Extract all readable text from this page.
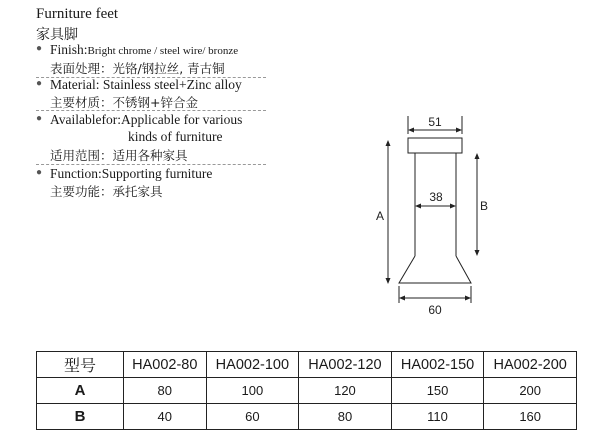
Furniture feet
家具脚
● Finish:Bright chrome / steel wire/ bronze
表面处理：光铬/钢拉丝, 青古铜
● Material: Stainless steel+Zinc alloy
主要材质：不锈钢+锌合金
● Availablefor:Applicable for various
kinds of furniture
适用范围：适用各种家具
● Function:Supporting furniture
主要功能：承托家具
51
38
60
A
B
型号	HA002-80	HA002-100	HA002-120	HA002-150	HA002-200
A	80	100	120	150	200
B	40	60	80	110	160
